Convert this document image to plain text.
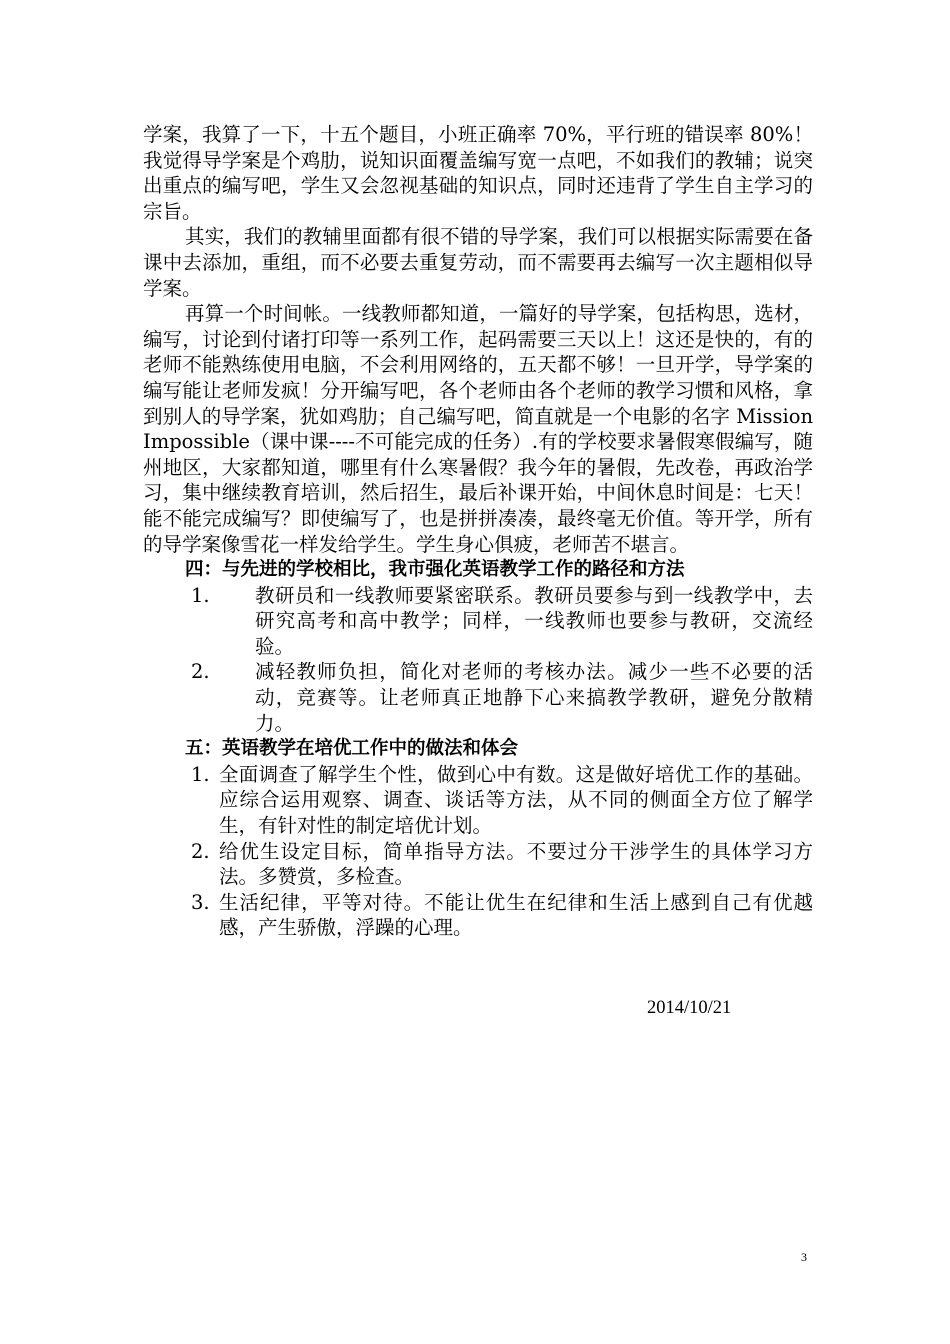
学案，我算了一下，十五个题目，小班正确率 70%，平行班的错误率 80%！我觉得导学案是个鸡肋，说知识面覆盖编写宽一点吧，不如我们的教辅；说突出重点的编写吧，学生又会忽视基础的知识点，同时还违背了学生自主学习的宗旨。

其实，我们的教辅里面都有很不错的导学案，我们可以根据实际需要在备课中去添加，重组，而不必要去重复劳动，而不需要再去编写一次主题相似导学案。

再算一个时间帐。一线教师都知道，一篇好的导学案，包括构思，选材，编写，讨论到付诸打印等一系列工作，起码需要三天以上！这还是快的，有的老师不能熟练使用电脑，不会利用网络的，五天都不够！一旦开学，导学案的编写能让老师发疯！分开编写吧，各个老师由各个老师的教学习惯和风格，拿到别人的导学案，犹如鸡肋；自己编写吧，简直就是一个电影的名字 Mission Impossible（课中课----不可能完成的任务）.有的学校要求暑假寒假编写，随州地区，大家都知道，哪里有什么寒暑假？我今年的暑假，先改卷，再政治学习，集中继续教育培训，然后招生，最后补课开始，中间休息时间是：七天！能不能完成编写？即使编写了，也是拼拼凑凑，最终毫无价值。等开学，所有的导学案像雪花一样发给学生。学生身心俱疲，老师苦不堪言。

四：与先进的学校相比，我市强化英语教学工作的路径和方法

1. 教研员和一线教师要紧密联系。教研员要参与到一线教学中，去研究高考和高中教学；同样，一线教师也要参与教研，交流经验。
2. 减轻教师负担，简化对老师的考核办法。减少一些不必要的活动，竞赛等。让老师真正地静下心来搞教学教研，避免分散精力。

五：英语教学在培优工作中的做法和体会

1. 全面调查了解学生个性，做到心中有数。这是做好培优工作的基础。应综合运用观察、调查、谈话等方法，从不同的侧面全方位了解学生，有针对性的制定培优计划。
2. 给优生设定目标，简单指导方法。不要过分干涉学生的具体学习方法。多赞赏，多检查。
3. 生活纪律，平等对待。不能让优生在纪律和生活上感到自己有优越感，产生骄傲，浮躁的心理。
2014/10/21
3
